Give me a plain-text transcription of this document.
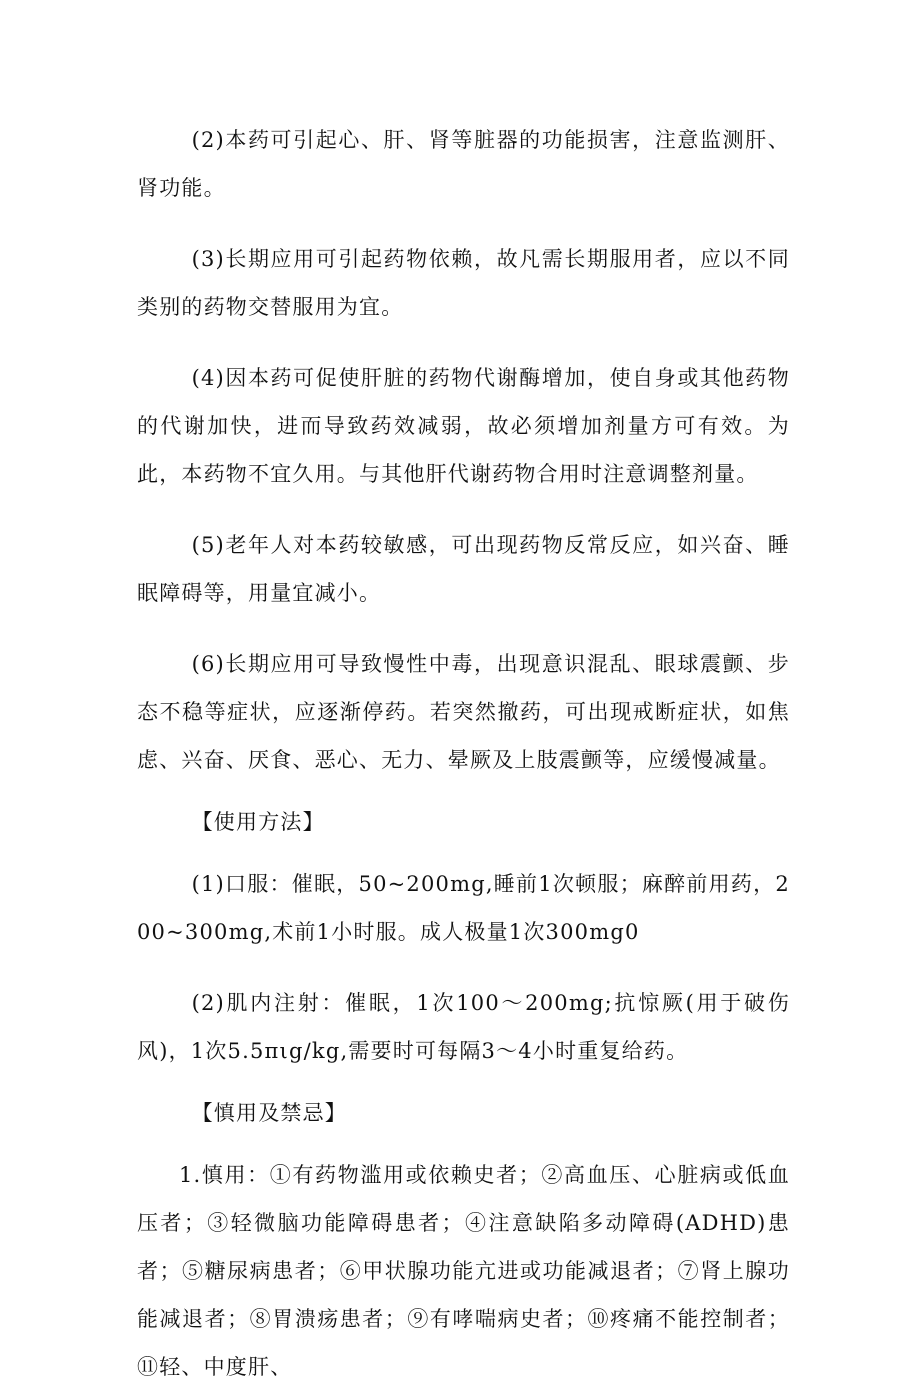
(2)本药可引起心、肝、肾等脏器的功能损害，注意监测肝、肾功能。

(3)长期应用可引起药物依赖，故凡需长期服用者，应以不同类别的药物交替服用为宜。

(4)因本药可促使肝脏的药物代谢酶增加，使自身或其他药物的代谢加快，进而导致药效减弱，故必须增加剂量方可有效。为此，本药物不宜久用。与其他肝代谢药物合用时注意调整剂量。

(5)老年人对本药较敏感，可出现药物反常反应，如兴奋、睡眠障碍等，用量宜减小。

(6)长期应用可导致慢性中毒，出现意识混乱、眼球震颤、步态不稳等症状，应逐渐停药。若突然撤药，可出现戒断症状，如焦虑、兴奋、厌食、恶心、无力、晕厥及上肢震颤等，应缓慢减量。

【使用方法】

(1)口服：催眠，50~200mg,睡前1次顿服；麻醉前用药，200~300mg,术前1小时服。成人极量1次300mg0

(2)肌内注射：催眠，1次100～200mg;抗惊厥(用于破伤风)，1次5.5πιg∕kg,需要时可每隔3～4小时重复给药。

【慎用及禁忌】

1.慎用：①有药物滥用或依赖史者；②高血压、心脏病或低血压者；③轻微脑功能障碍患者；④注意缺陷多动障碍(ADHD)患者；⑤糖尿病患者；⑥甲状腺功能亢进或功能减退者；⑦肾上腺功能减退者；⑧胃溃疡患者；⑨有哮喘病史者；⑩疼痛不能控制者；⑪轻、中度肝、
